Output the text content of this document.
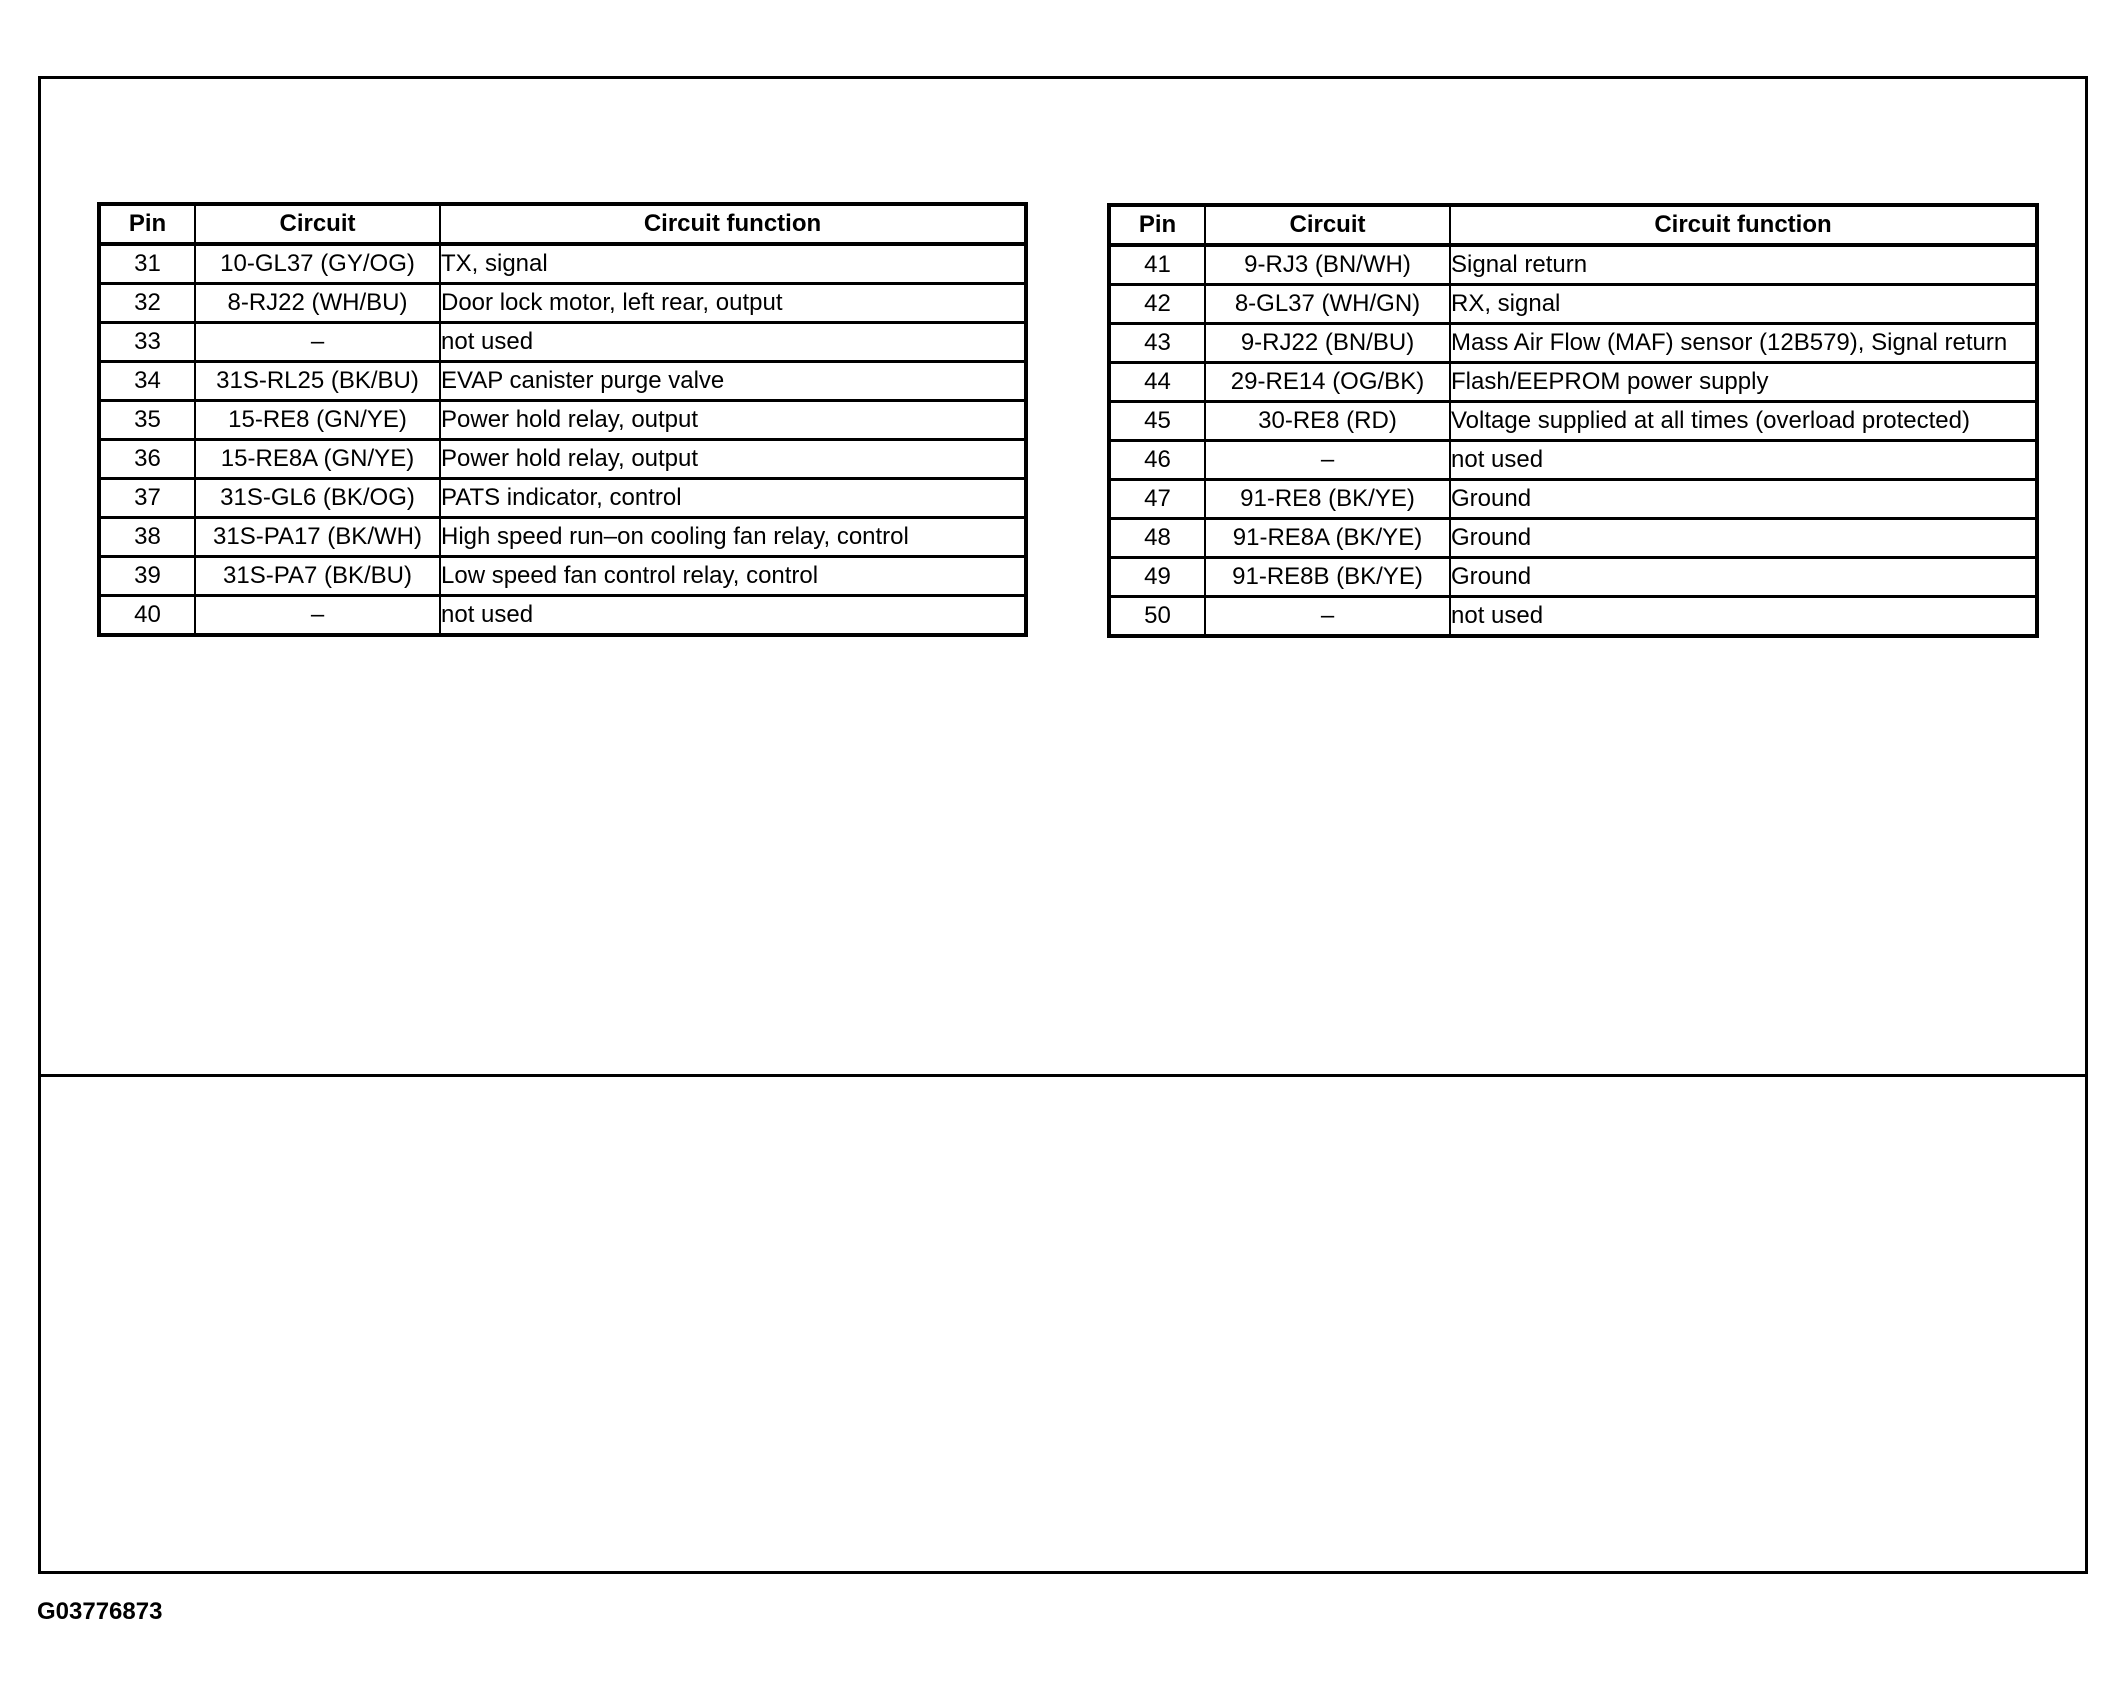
Pin	Circuit	Circuit function
31	10-GL37 (GY/OG)	TX, signal
32	8-RJ22 (WH/BU)	Door lock motor, left rear, output
33	–	not used
34	31S-RL25 (BK/BU)	EVAP canister purge valve
35	15-RE8 (GN/YE)	Power hold relay, output
36	15-RE8A (GN/YE)	Power hold relay, output
37	31S-GL6 (BK/OG)	PATS indicator, control
38	31S-PA17 (BK/WH)	High speed run–on cooling fan relay, control
39	31S-PA7 (BK/BU)	Low speed fan control relay, control
40	–	not used
Pin	Circuit	Circuit function
41	9-RJ3 (BN/WH)	Signal return
42	8-GL37 (WH/GN)	RX, signal
43	9-RJ22 (BN/BU)	Mass Air Flow (MAF) sensor (12B579), Signal return
44	29-RE14 (OG/BK)	Flash/EEPROM power supply
45	30-RE8 (RD)	Voltage supplied at all times (overload protected)
46	–	not used
47	91-RE8 (BK/YE)	Ground
48	91-RE8A (BK/YE)	Ground
49	91-RE8B (BK/YE)	Ground
50	–	not used
G03776873
